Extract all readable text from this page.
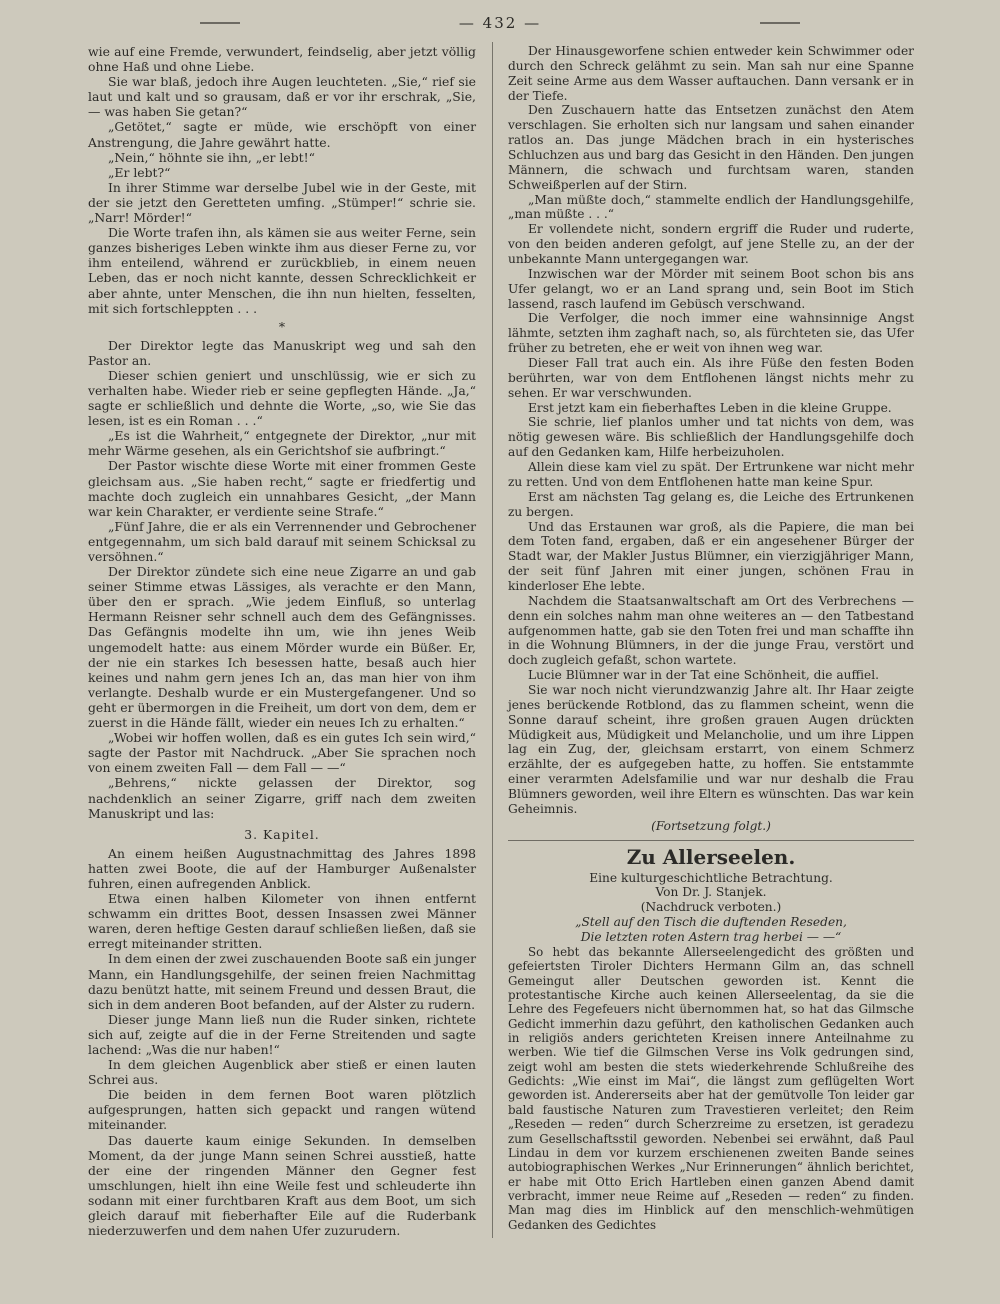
— 432 —

wie auf eine Fremde, verwundert, feindselig, aber jetzt völlig ohne Haß und ohne Liebe.

Sie war blaß, jedoch ihre Augen leuchteten. „Sie,“ rief sie laut und kalt und so grausam, daß er vor ihr erschrak, „Sie, — was haben Sie getan?“

„Getötet,“ sagte er müde, wie erschöpft von einer Anstrengung, die Jahre gewährt hatte.

„Nein,“ höhnte sie ihn, „er lebt!“

„Er lebt?“

In ihrer Stimme war derselbe Jubel wie in der Geste, mit der sie jetzt den Geretteten umfing. „Stümper!“ schrie sie. „Narr! Mörder!“

Die Worte trafen ihn, als kämen sie aus weiter Ferne, sein ganzes bisheriges Leben winkte ihm aus dieser Ferne zu, vor ihm enteilend, während er zurückblieb, in einem neuen Leben, das er noch nicht kannte, dessen Schrecklichkeit er aber ahnte, unter Menschen, die ihn nun hielten, fesselten, mit sich fortschleppten . . .

*

Der Direktor legte das Manuskript weg und sah den Pastor an.

Dieser schien geniert und unschlüssig, wie er sich zu verhalten habe. Wieder rieb er seine gepflegten Hände. „Ja,“ sagte er schließlich und dehnte die Worte, „so, wie Sie das lesen, ist es ein Roman . . .“

„Es ist die Wahrheit,“ entgegnete der Direktor, „nur mit mehr Wärme gesehen, als ein Gerichtshof sie aufbringt.“

Der Pastor wischte diese Worte mit einer frommen Geste gleichsam aus. „Sie haben recht,“ sagte er friedfertig und machte doch zugleich ein unnahbares Gesicht, „der Mann war kein Charakter, er verdiente seine Strafe.“

„Fünf Jahre, die er als ein Verrennender und Gebrochener entgegennahm, um sich bald darauf mit seinem Schicksal zu versöhnen.“

Der Direktor zündete sich eine neue Zigarre an und gab seiner Stimme etwas Lässiges, als verachte er den Mann, über den er sprach. „Wie jedem Einfluß, so unterlag Hermann Reisner sehr schnell auch dem des Gefängnisses. Das Gefängnis modelte ihn um, wie ihn jenes Weib ungemodelt hatte: aus einem Mörder wurde ein Büßer. Er, der nie ein starkes Ich besessen hatte, besaß auch hier keines und nahm gern jenes Ich an, das man hier von ihm verlangte. Deshalb wurde er ein Mustergefangener. Und so geht er übermorgen in die Freiheit, um dort von dem, dem er zuerst in die Hände fällt, wieder ein neues Ich zu erhalten.“

„Wobei wir hoffen wollen, daß es ein gutes Ich sein wird,“ sagte der Pastor mit Nachdruck. „Aber Sie sprachen noch von einem zweiten Fall — dem Fall — —“

„Behrens,“ nickte gelassen der Direktor, sog nachdenklich an seiner Zigarre, griff nach dem zweiten Manuskript und las:

3. Kapitel.

An einem heißen Augustnachmittag des Jahres 1898 hatten zwei Boote, die auf der Hamburger Außenalster fuhren, einen aufregenden Anblick.

Etwa einen halben Kilometer von ihnen entfernt schwamm ein drittes Boot, dessen Insassen zwei Männer waren, deren heftige Gesten darauf schließen ließen, daß sie erregt miteinander stritten.

In dem einen der zwei zuschauenden Boote saß ein junger Mann, ein Handlungsgehilfe, der seinen freien Nachmittag dazu benützt hatte, mit seinem Freund und dessen Braut, die sich in dem anderen Boot befanden, auf der Alster zu rudern.

Dieser junge Mann ließ nun die Ruder sinken, richtete sich auf, zeigte auf die in der Ferne Streitenden und sagte lachend: „Was die nur haben!“

In dem gleichen Augenblick aber stieß er einen lauten Schrei aus.

Die beiden in dem fernen Boot waren plötzlich aufgesprungen, hatten sich gepackt und rangen wütend miteinander.

Das dauerte kaum einige Sekunden. In demselben Moment, da der junge Mann seinen Schrei ausstieß, hatte der eine der ringenden Männer den Gegner fest umschlungen, hielt ihn eine Weile fest und schleuderte ihn sodann mit einer furchtbaren Kraft aus dem Boot, um sich gleich darauf mit fieberhafter Eile auf die Ruderbank niederzuwerfen und dem nahen Ufer zuzurudern.

Der Hinausgeworfene schien entweder kein Schwimmer oder durch den Schreck gelähmt zu sein. Man sah nur eine Spanne Zeit seine Arme aus dem Wasser auftauchen. Dann versank er in der Tiefe.

Den Zuschauern hatte das Entsetzen zunächst den Atem verschlagen. Sie erholten sich nur langsam und sahen einander ratlos an. Das junge Mädchen brach in ein hysterisches Schluchzen aus und barg das Gesicht in den Händen. Den jungen Männern, die schwach und furchtsam waren, standen Schweißperlen auf der Stirn.

„Man müßte doch,“ stammelte endlich der Handlungsgehilfe, „man müßte . . .“

Er vollendete nicht, sondern ergriff die Ruder und ruderte, von den beiden anderen gefolgt, auf jene Stelle zu, an der der unbekannte Mann untergegangen war.

Inzwischen war der Mörder mit seinem Boot schon bis ans Ufer gelangt, wo er an Land sprang und, sein Boot im Stich lassend, rasch laufend im Gebüsch verschwand.

Die Verfolger, die noch immer eine wahnsinnige Angst lähmte, setzten ihm zaghaft nach, so, als fürchteten sie, das Ufer früher zu betreten, ehe er weit von ihnen weg war.

Dieser Fall trat auch ein. Als ihre Füße den festen Boden berührten, war von dem Entflohenen längst nichts mehr zu sehen. Er war verschwunden.

Erst jetzt kam ein fieberhaftes Leben in die kleine Gruppe.

Sie schrie, lief planlos umher und tat nichts von dem, was nötig gewesen wäre. Bis schließlich der Handlungsgehilfe doch auf den Gedanken kam, Hilfe herbeizuholen.

Allein diese kam viel zu spät. Der Ertrunkene war nicht mehr zu retten. Und von dem Entflohenen hatte man keine Spur.

Erst am nächsten Tag gelang es, die Leiche des Ertrunkenen zu bergen.

Und das Erstaunen war groß, als die Papiere, die man bei dem Toten fand, ergaben, daß er ein angesehener Bürger der Stadt war, der Makler Justus Blümner, ein vierzigjähriger Mann, der seit fünf Jahren mit einer jungen, schönen Frau in kinderloser Ehe lebte.

Nachdem die Staatsanwaltschaft am Ort des Verbrechens — denn ein solches nahm man ohne weiteres an — den Tatbestand aufgenommen hatte, gab sie den Toten frei und man schaffte ihn in die Wohnung Blümners, in der die junge Frau, verstört und doch zugleich gefaßt, schon wartete.

Lucie Blümner war in der Tat eine Schönheit, die auffiel.

Sie war noch nicht vierundzwanzig Jahre alt. Ihr Haar zeigte jenes berückende Rotblond, das zu flammen scheint, wenn die Sonne darauf scheint, ihre großen grauen Augen drückten Müdigkeit aus, Müdigkeit und Melancholie, und um ihre Lippen lag ein Zug, der, gleichsam erstarrt, von einem Schmerz erzählte, der es aufgegeben hatte, zu hoffen. Sie entstammte einer verarmten Adelsfamilie und war nur deshalb die Frau Blümners geworden, weil ihre Eltern es wünschten. Das war kein Geheimnis.

(Fortsetzung folgt.)
Zu Allerseelen.
Eine kulturgeschichtliche Betrachtung.
Von Dr. J. Stanjek.
(Nachdruck verboten.)
„Stell auf den Tisch die duftenden Reseden,
Die letzten roten Astern trag herbei — —“

So hebt das bekannte Allerseelengedicht des größten und gefeiertsten Tiroler Dichters Hermann Gilm an, das schnell Gemeingut aller Deutschen geworden ist. Kennt die protestantische Kirche auch keinen Allerseelentag, da sie die Lehre des Fegefeuers nicht übernommen hat, so hat das Gilmsche Gedicht immerhin dazu geführt, den katholischen Gedanken auch in religiös anders gerichteten Kreisen innere Anteilnahme zu werben. Wie tief die Gilmschen Verse ins Volk gedrungen sind, zeigt wohl am besten die stets wiederkehrende Schlußreihe des Gedichts: „Wie einst im Mai“, die längst zum geflügelten Wort geworden ist. Andererseits aber hat der gemütvolle Ton leider gar bald faustische Naturen zum Travestieren verleitet; den Reim „Reseden — reden“ durch Scherzreime zu ersetzen, ist geradezu zum Gesellschaftsstil geworden. Nebenbei sei erwähnt, daß Paul Lindau in dem vor kurzem erschienenen zweiten Bande seines autobiographischen Werkes „Nur Erinnerungen“ ähnlich berichtet, er habe mit Otto Erich Hartleben einen ganzen Abend damit verbracht, immer neue Reime auf „Reseden — reden“ zu finden. Man mag dies im Hinblick auf den menschlich-wehmütigen Gedanken des Gedichtes
